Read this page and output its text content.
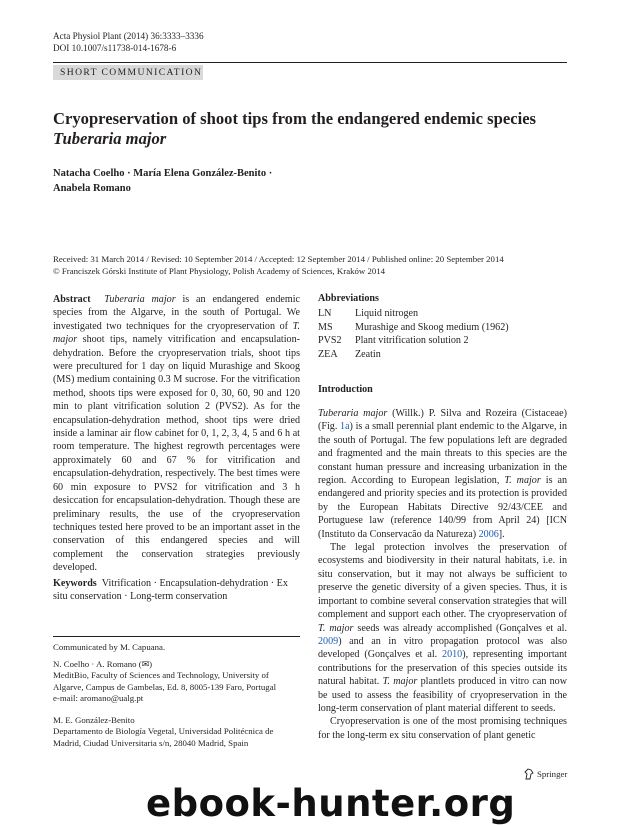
Acta Physiol Plant (2014) 36:3333–3336
DOI 10.1007/s11738-014-1678-6
SHORT COMMUNICATION
Cryopreservation of shoot tips from the endangered endemic species Tuberaria major
Natacha Coelho · María Elena González-Benito ·
Anabela Romano
Received: 31 March 2014 / Revised: 10 September 2014 / Accepted: 12 September 2014 / Published online: 20 September 2014
© Franciszek Górski Institute of Plant Physiology, Polish Academy of Sciences, Kraków 2014
Abstract Tuberaria major is an endangered endemic species from the Algarve, in the south of Portugal. We investigated two techniques for the cryopreservation of T. major shoot tips, namely vitrification and encapsulation-dehydration. Before the cryopreservation trials, shoot tips were precultured for 1 day on liquid Murashige and Skoog (MS) medium containing 0.3 M sucrose. For the vitrification method, shoots tips were exposed for 0, 30, 60, 90 and 120 min to plant vitrification solution 2 (PVS2). As for the encapsulation-dehydration method, shoot tips were dried inside a laminar air flow cabinet for 0, 1, 2, 3, 4, 5 and 6 h at room temperature. The highest regrowth percentages were approximately 60 and 67 % for vitrification and encapsulation-dehydration, respectively. The best times were 60 min exposure to PVS2 for vitrification and 3 h desiccation for encapsulation-dehydration. Though these are preliminary results, the use of the cryopreservation techniques tested here proved to be an important asset in the conservation of this endangered species and will complement the conservation strategies previously developed.
Keywords Vitrification · Encapsulation-dehydration · Ex situ conservation · Long-term conservation
Communicated by M. Capuana.
N. Coelho · A. Romano (✉)
MeditBio, Faculty of Sciences and Technology, University of Algarve, Campus de Gambelas, Ed. 8, 8005-139 Faro, Portugal
e-mail: aromano@ualg.pt
M. E. González-Benito
Departamento de Biología Vegetal, Universidad Politécnica de Madrid, Ciudad Universitaria s/n, 28040 Madrid, Spain
Abbreviations
LN	Liquid nitrogen
MS	Murashige and Skoog medium (1962)
PVS2	Plant vitrification solution 2
ZEA	Zeatin
Introduction

Tuberaria major (Willk.) P. Silva and Rozeira (Cistaceae) (Fig. 1a) is a small perennial plant endemic to the Algarve, in the south of Portugal. The few populations left are degraded and fragmented and the main threats to this species are the constant human pressure and increasing urbanization in the region. According to European legislation, T. major is an endangered and priority species and its protection is provided by the European Habitats Directive 92/43/CEE and Portuguese law (reference 140/99 from April 24) [ICN (Instituto da Conservacão da Natureza) 2006].

The legal protection involves the preservation of ecosystems and biodiversity in their natural habitats, i.e. in situ conservation, but it may not always be sufficient to preserve the genetic diversity of a given species. Thus, it is important to combine several conservation strategies that will complement and support each other. The cryopreservation of T. major seeds was already accomplished (Gonçalves et al. 2009) and an in vitro propagation protocol was also developed (Gonçalves et al. 2010), representing important contributions for the preservation of this species outside its natural habitat. T. major plantlets produced in vitro can now be used to assess the feasibility of cryopreservation in the long-term conservation of plant material different to seeds.

Cryopreservation is one of the most promising techniques for the long-term ex situ conservation of plant genetic

Springer
ebook-hunter.org
